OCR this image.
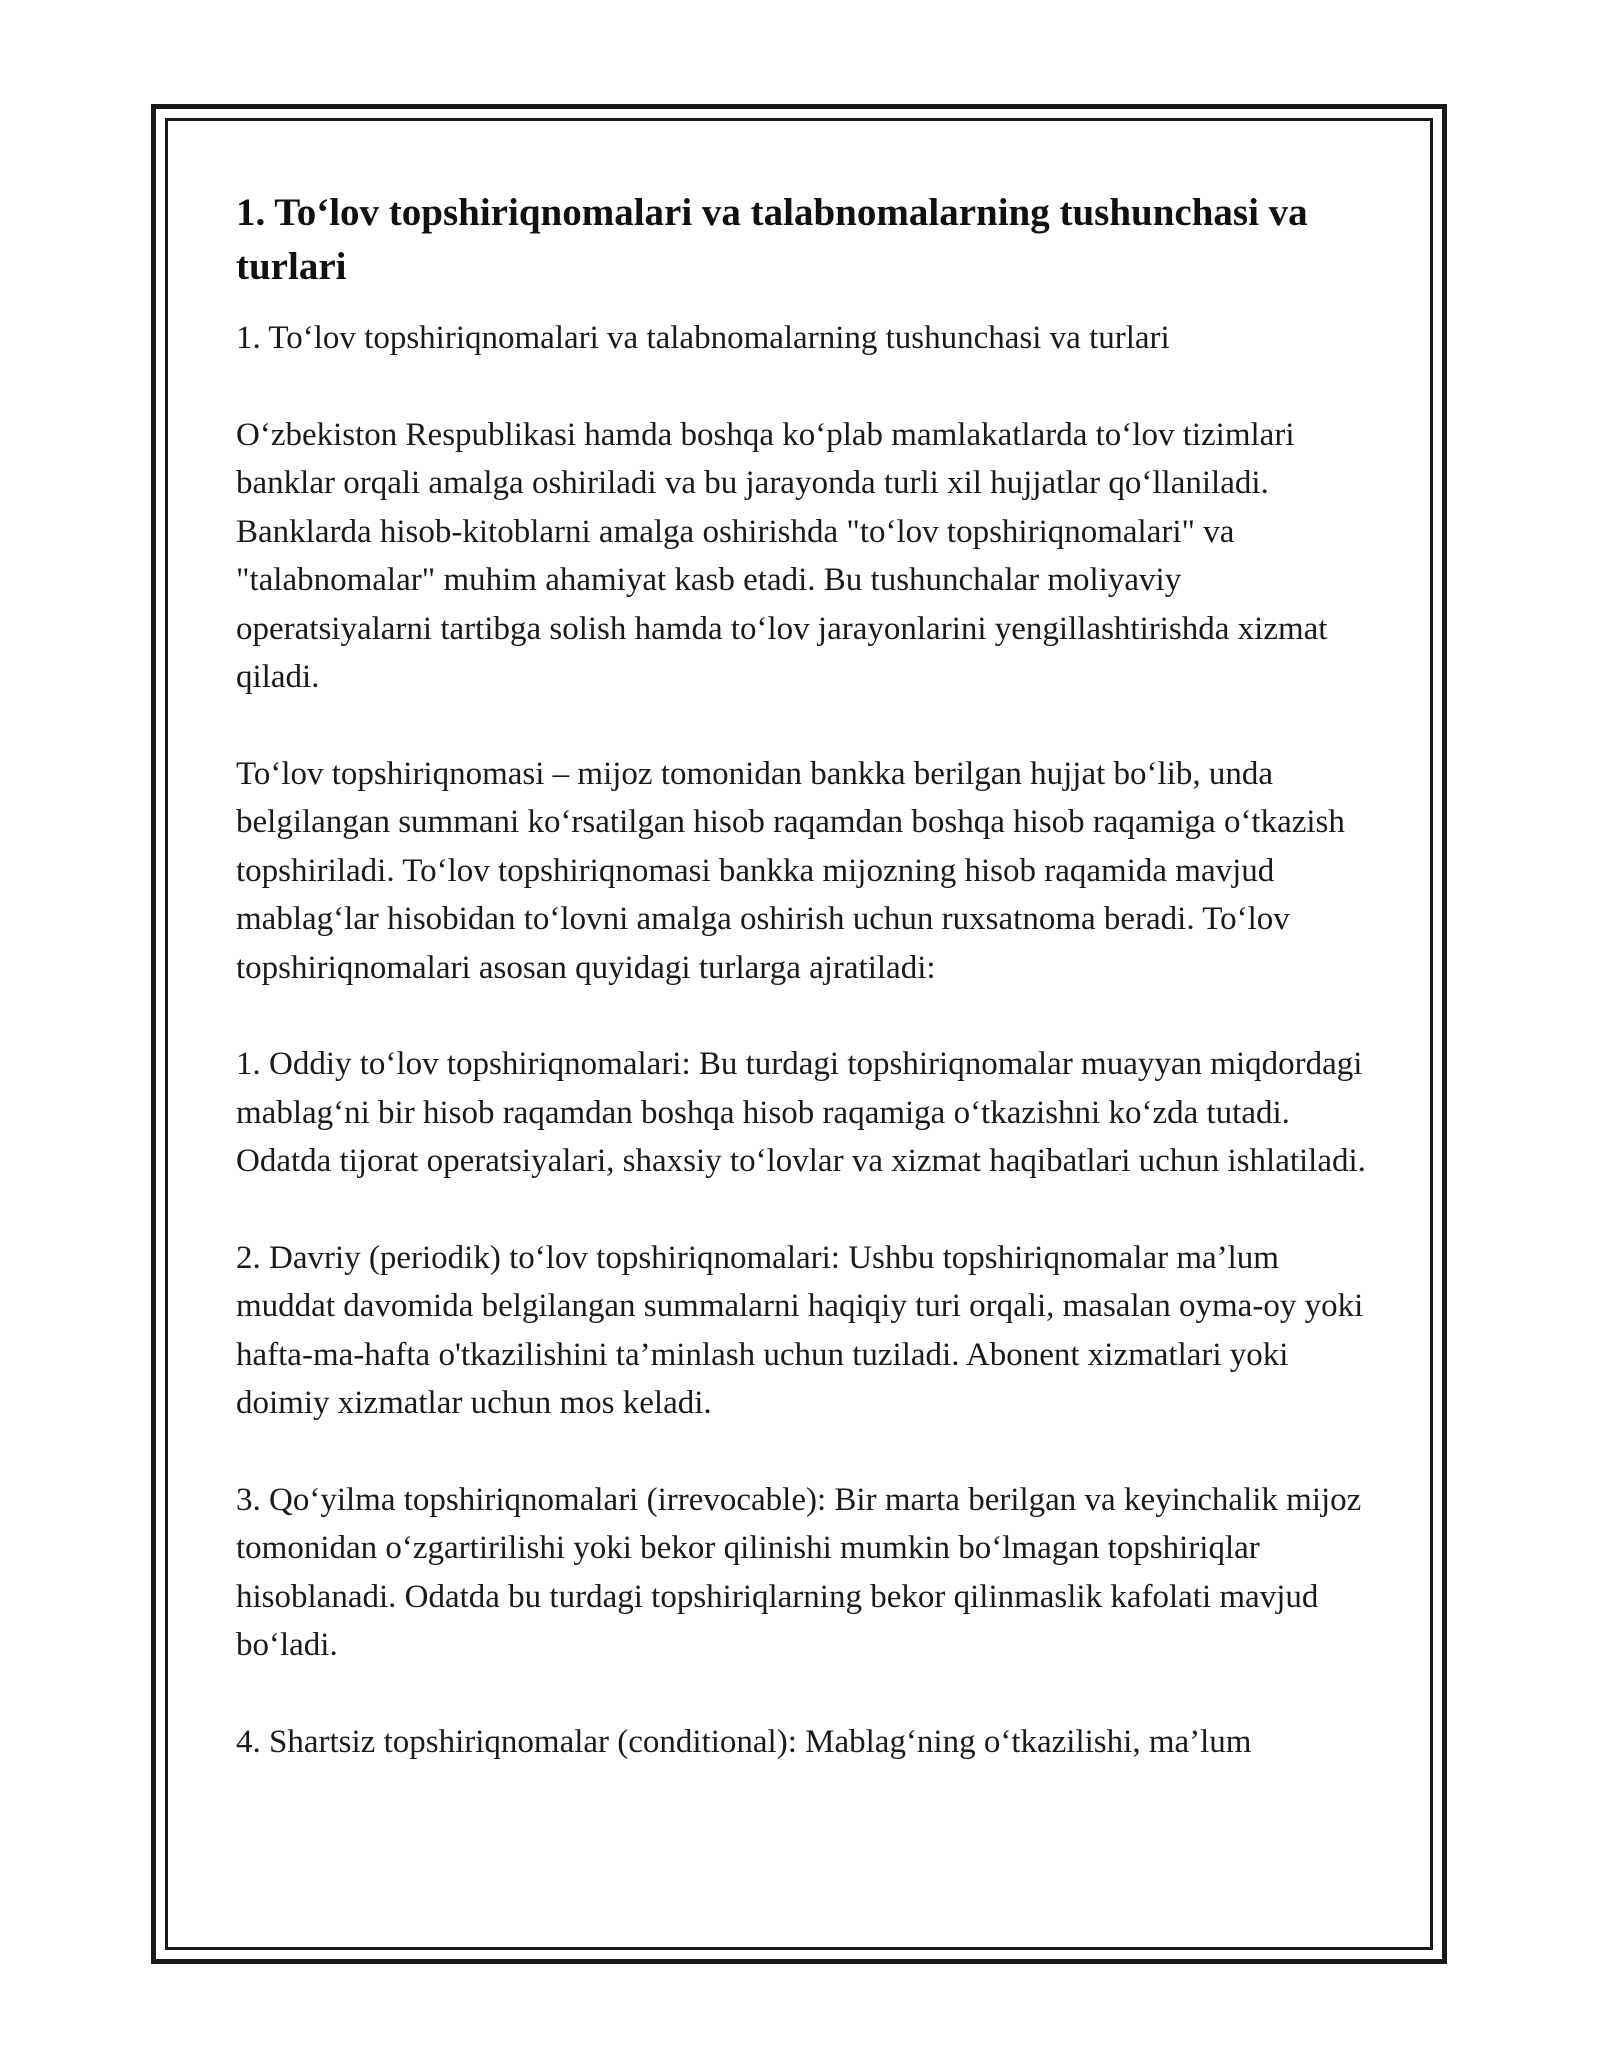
1. To‘lov topshiriqnomalari va talabnomalarning tushunchasi va turlari

1. To‘lov topshiriqnomalari va talabnomalarning tushunchasi va turlari

O‘zbekiston Respublikasi hamda boshqa ko‘plab mamlakatlarda to‘lov tizimlari banklar orqali amalga oshiriladi va bu jarayonda turli xil hujjatlar qo‘llaniladi. Banklarda hisob-kitoblarni amalga oshirishda "to‘lov topshiriqnomalari" va "talabnomalar" muhim ahamiyat kasb etadi. Bu tushunchalar moliyaviy operatsiyalarni tartibga solish hamda to‘lov jarayonlarini yengillashtirishda xizmat qiladi.

To‘lov topshiriqnomasi – mijoz tomonidan bankka berilgan hujjat bo‘lib, unda belgilangan summani ko‘rsatilgan hisob raqamdan boshqa hisob raqamiga o‘tkazish topshiriladi. To‘lov topshiriqnomasi bankka mijozning hisob raqamida mavjud mablag‘lar hisobidan to‘lovni amalga oshirish uchun ruxsatnoma beradi. To‘lov topshiriqnomalari asosan quyidagi turlarga ajratiladi:

1. Oddiy to‘lov topshiriqnomalari: Bu turdagi topshiriqnomalar muayyan miqdordagi mablag‘ni bir hisob raqamdan boshqa hisob raqamiga o‘tkazishni ko‘zda tutadi. Odatda tijorat operatsiyalari, shaxsiy to‘lovlar va xizmat haqibatlari uchun ishlatiladi.

2. Davriy (periodik) to‘lov topshiriqnomalari: Ushbu topshiriqnomalar ma’lum muddat davomida belgilangan summalarni haqiqiy turi orqali, masalan oyma-oy yoki hafta-ma-hafta o'tkazilishini ta’minlash uchun tuziladi. Abonent xizmatlari yoki doimiy xizmatlar uchun mos keladi.

3. Qo‘yilma topshiriqnomalari (irrevocable): Bir marta berilgan va keyinchalik mijoz tomonidan o‘zgartirilishi yoki bekor qilinishi mumkin bo‘lmagan topshiriqlar hisoblanadi. Odatda bu turdagi topshiriqlarning bekor qilinmaslik kafolati mavjud bo‘ladi.

4. Shartsiz topshiriqnomalar (conditional): Mablag‘ning o‘tkazilishi, ma’lum
